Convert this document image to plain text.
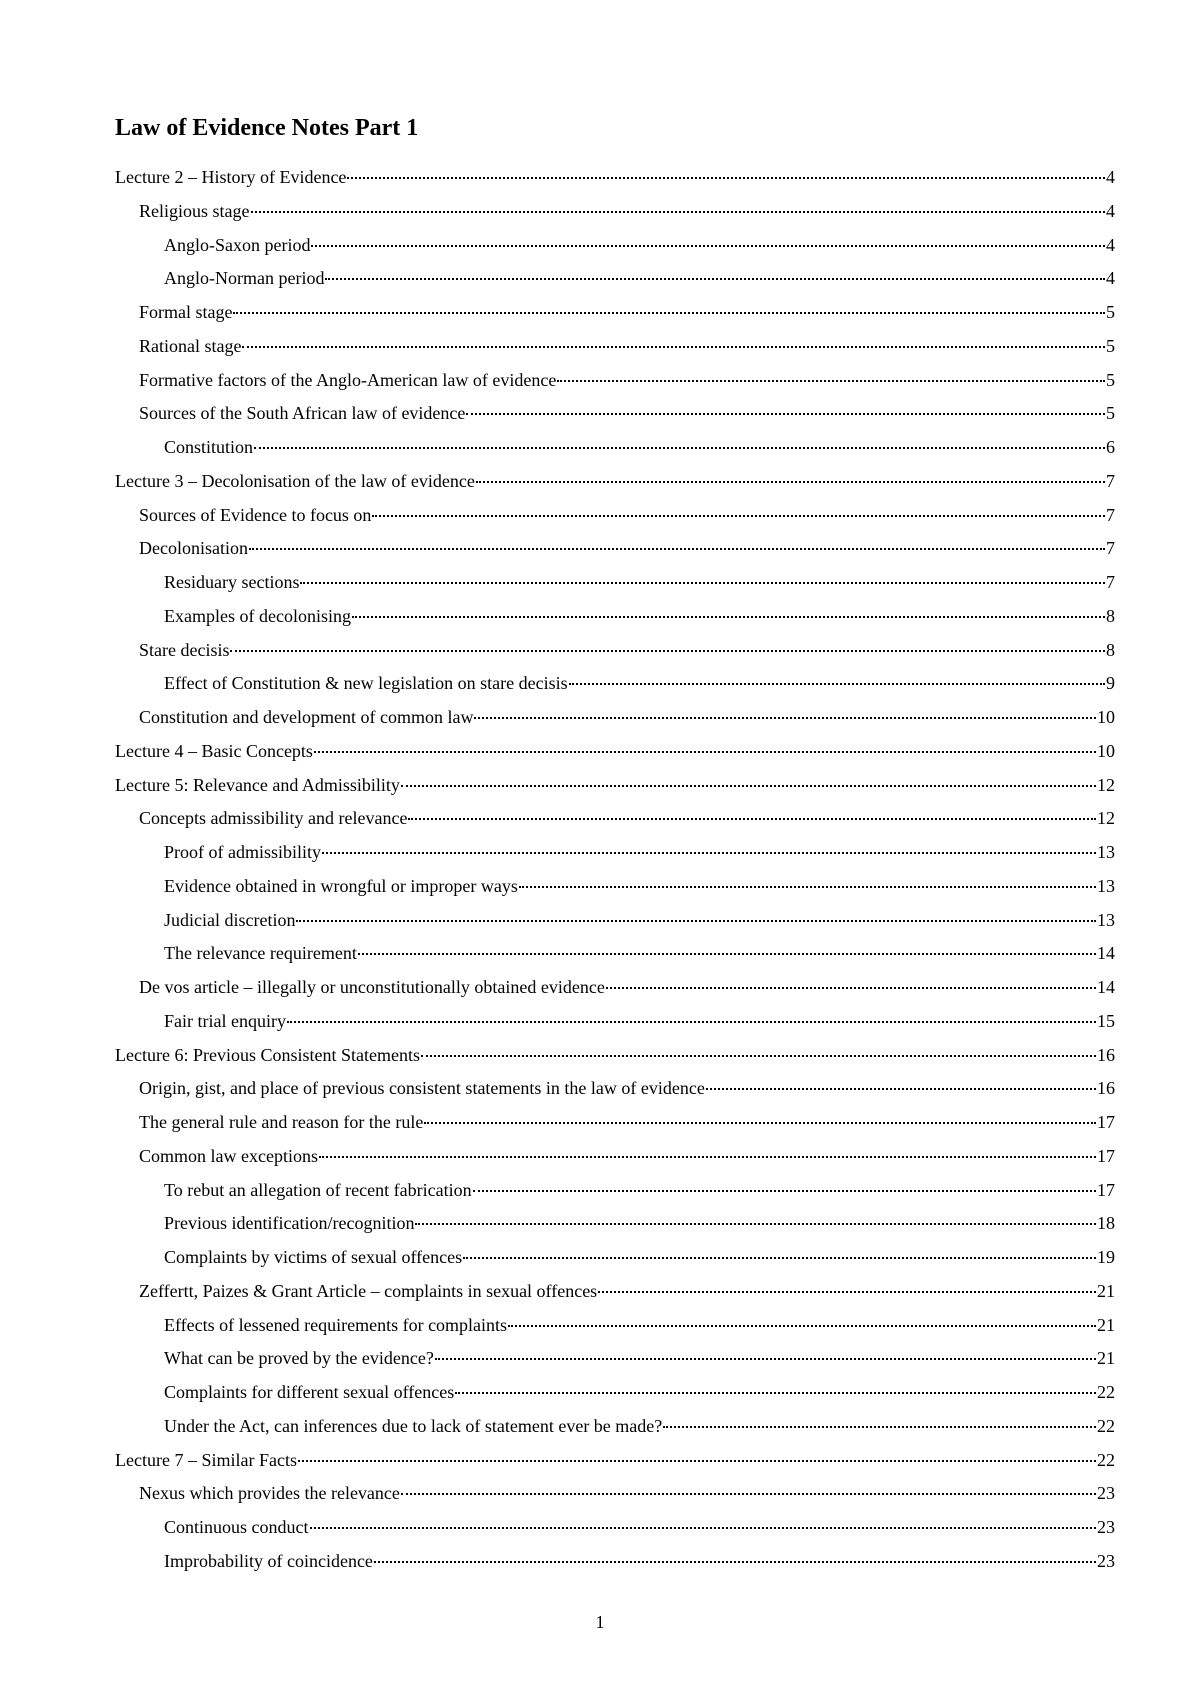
Law of Evidence Notes Part 1
Lecture 2 – History of Evidence	4
Religious stage	4
Anglo-Saxon period	4
Anglo-Norman period	4
Formal stage	5
Rational stage	5
Formative factors of the Anglo-American law of evidence	5
Sources of the South African law of evidence	5
Constitution	6
Lecture 3 – Decolonisation of the law of evidence	7
Sources of Evidence to focus on	7
Decolonisation	7
Residuary sections	7
Examples of decolonising	8
Stare decisis	8
Effect of Constitution & new legislation on stare decisis	9
Constitution and development of common law	10
Lecture 4 – Basic Concepts	10
Lecture 5: Relevance and Admissibility	12
Concepts admissibility and relevance	12
Proof of admissibility	13
Evidence obtained in wrongful or improper ways	13
Judicial discretion	13
The relevance requirement	14
De vos article – illegally or unconstitutionally obtained evidence	14
Fair trial enquiry	15
Lecture 6: Previous Consistent Statements	16
Origin, gist, and place of previous consistent statements in the law of evidence	16
The general rule and reason for the rule	17
Common law exceptions	17
To rebut an allegation of recent fabrication	17
Previous identification/recognition	18
Complaints by victims of sexual offences	19
Zeffertt, Paizes & Grant Article – complaints in sexual offences	21
Effects of lessened requirements for complaints	21
What can be proved by the evidence?	21
Complaints for different sexual offences	22
Under the Act, can inferences due to lack of statement ever be made?	22
Lecture 7 – Similar Facts	22
Nexus which provides the relevance	23
Continuous conduct	23
Improbability of coincidence	23
1
